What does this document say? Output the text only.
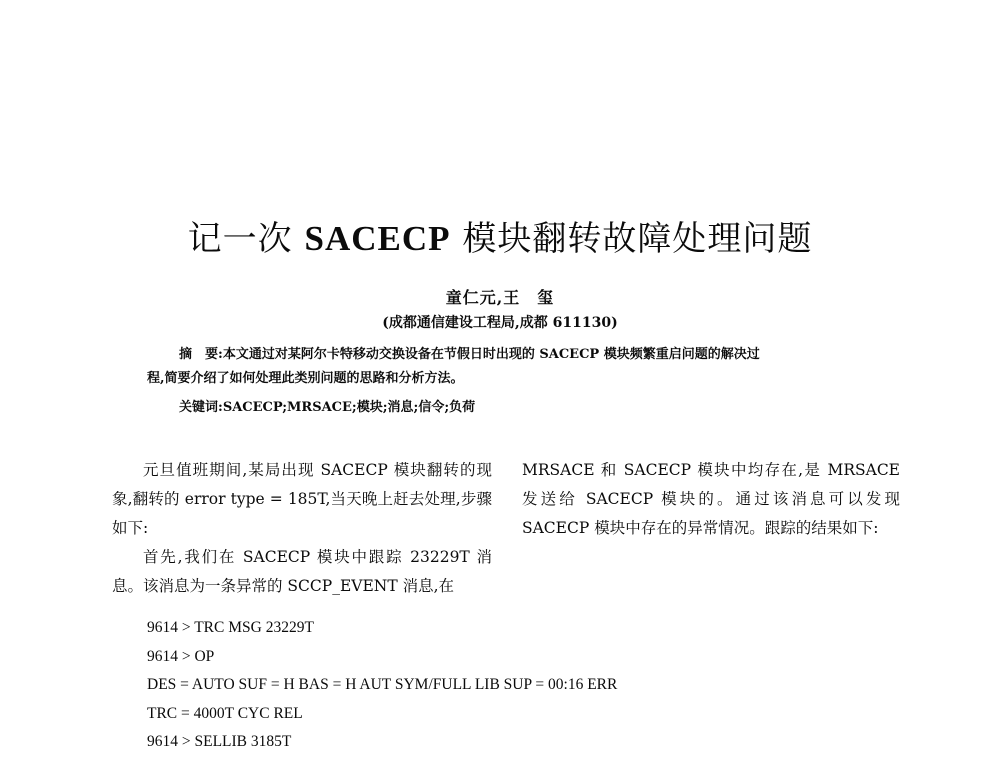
记一次 SACECP 模块翻转故障处理问题
童仁元,王　玺
(成都通信建设工程局,成都 611130)
摘　要:本文通过对某阿尔卡特移动交换设备在节假日时出现的 SACECP 模块频繁重启问题的解决过
程,简要介绍了如何处理此类别问题的思路和分析方法。
关键词:SACECP;MRSACE;模块;消息;信令;负荷

元旦值班期间,某局出现 SACECP 模块翻转的现象,翻转的 error type = 185T,当天晚上赶去处理,步骤如下:

首先,我们在 SACECP 模块中跟踪 23229T 消息。该消息为一条异常的 SCCP_EVENT 消息,在

MRSACE 和 SACECP 模块中均存在,是 MRSACE 发送给 SACECP 模块的。通过该消息可以发现 SACECP 模块中存在的异常情况。跟踪的结果如下:

9614 > TRC MSG 23229T
9614 > OP
DES = AUTO SUF = H BAS = H AUT SYM/FULL LIB SUP = 00:16 ERR
TRC = 4000T CYC REL
9614 > SELLIB 3185T
